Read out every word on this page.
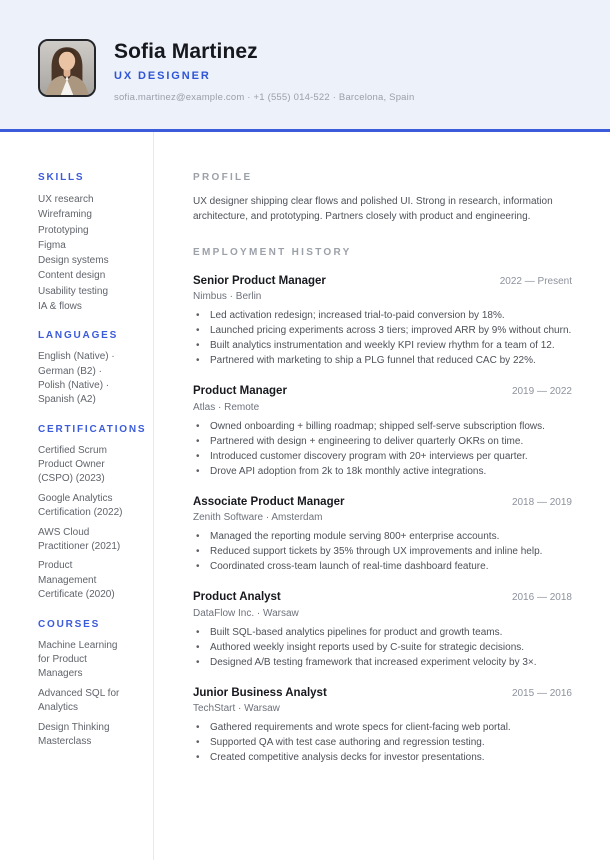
Sofia Martinez
UX DESIGNER
sofia.martinez@example.com · +1 (555) 014-522 · Barcelona, Spain
SKILLS
UX research
Wireframing
Prototyping
Figma
Design systems
Content design
Usability testing
IA & flows
LANGUAGES
English (Native) ·
German (B2) ·
Polish (Native) ·
Spanish (A2)
CERTIFICATIONS
Certified Scrum Product Owner (CSPO) (2023)
Google Analytics Certification (2022)
AWS Cloud Practitioner (2021)
Product Management Certificate (2020)
COURSES
Machine Learning for Product Managers
Advanced SQL for Analytics
Design Thinking Masterclass
PROFILE

UX designer shipping clear flows and polished UI. Strong in research, information architecture, and prototyping. Partners closely with product and engineering.

EMPLOYMENT HISTORY
Senior Product Manager	2022 — Present
Nimbus · Berlin
• Led activation redesign; increased trial-to-paid conversion by 18%.
• Launched pricing experiments across 3 tiers; improved ARR by 9% without churn.
• Built analytics instrumentation and weekly KPI review rhythm for a team of 12.
• Partnered with marketing to ship a PLG funnel that reduced CAC by 22%.
Product Manager	2019 — 2022
Atlas · Remote
• Owned onboarding + billing roadmap; shipped self-serve subscription flows.
• Partnered with design + engineering to deliver quarterly OKRs on time.
• Introduced customer discovery program with 20+ interviews per quarter.
• Drove API adoption from 2k to 18k monthly active integrations.
Associate Product Manager	2018 — 2019
Zenith Software · Amsterdam
• Managed the reporting module serving 800+ enterprise accounts.
• Reduced support tickets by 35% through UX improvements and inline help.
• Coordinated cross-team launch of real-time dashboard feature.
Product Analyst	2016 — 2018
DataFlow Inc. · Warsaw
• Built SQL-based analytics pipelines for product and growth teams.
• Authored weekly insight reports used by C-suite for strategic decisions.
• Designed A/B testing framework that increased experiment velocity by 3×.
Junior Business Analyst	2015 — 2016
TechStart · Warsaw
• Gathered requirements and wrote specs for client-facing web portal.
• Supported QA with test case authoring and regression testing.
• Created competitive analysis decks for investor presentations.
